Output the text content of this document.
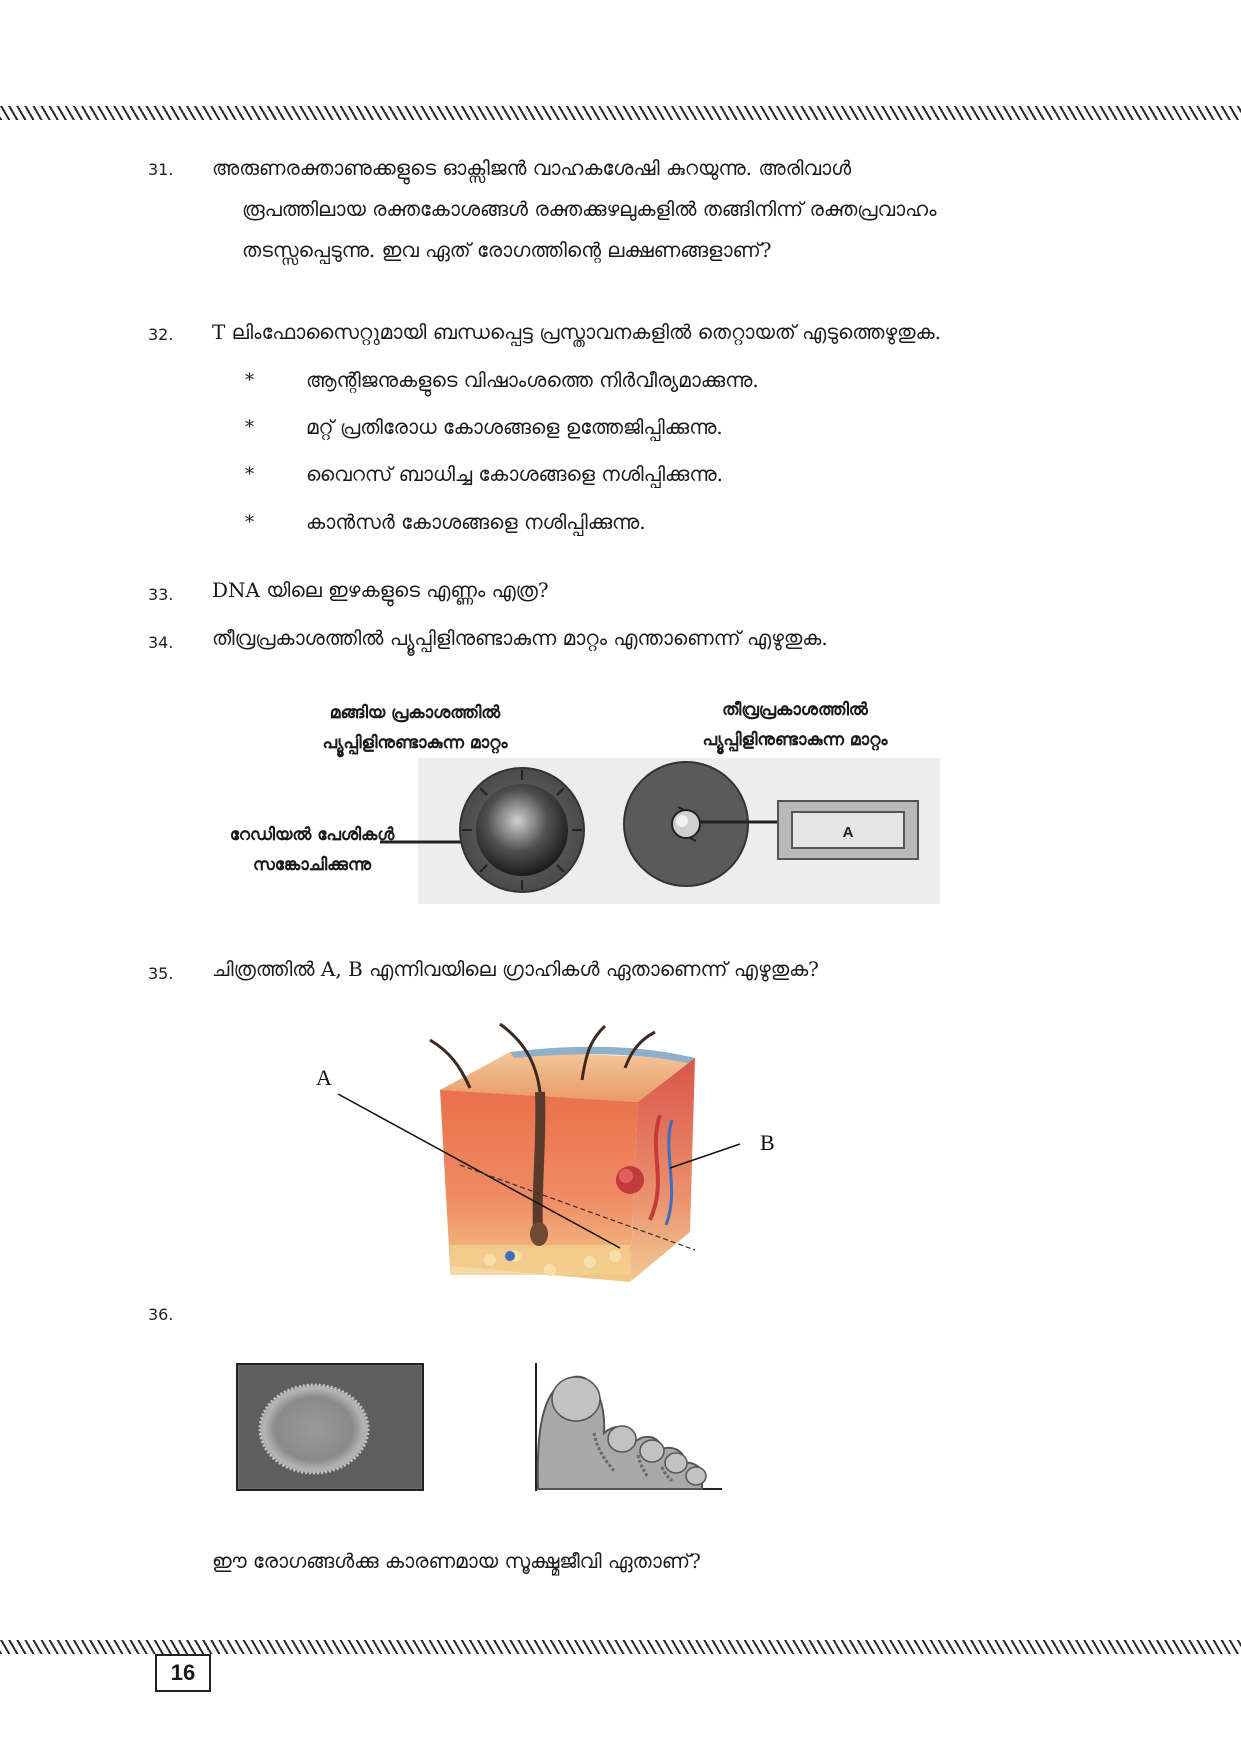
31. അരുണരക്താണുക്കളുടെ ഓക്സിജൻ വാഹകശേഷി കുറയുന്നു. അരിവാൾ
രൂപത്തിലായ രക്തകോശങ്ങൾ രക്തക്കുഴലുകളിൽ തങ്ങിനിന്ന് രക്തപ്രവാഹം
തടസ്സപ്പെടുന്നു. ഇവ ഏത് രോഗത്തിന്റെ ലക്ഷണങ്ങളാണ്?
32. T ലിംഫോസൈറ്റുമായി ബന്ധപ്പെട്ട പ്രസ്താവനകളിൽ തെറ്റായത് എടുത്തെഴുതുക.
*	ആന്റിജനുകളുടെ വിഷാംശത്തെ നിർവീര്യമാക്കുന്നു.
*	മറ്റ് പ്രതിരോധ കോശങ്ങളെ ഉത്തേജിപ്പിക്കുന്നു.
*	വൈറസ് ബാധിച്ച കോശങ്ങളെ നശിപ്പിക്കുന്നു.
*	കാൻസർ കോശങ്ങളെ നശിപ്പിക്കുന്നു.
33. DNA യിലെ ഇഴകളുടെ എണ്ണം എത്ര?
34. തീവ്രപ്രകാശത്തിൽ പ്യൂപ്പിളിനുണ്ടാകുന്ന മാറ്റം എന്താണെന്ന് എഴുതുക.
മങ്ങിയ പ്രകാശത്തിൽ
പ്യൂപ്പിളിനുണ്ടാകുന്ന മാറ്റം
തീവ്രപ്രകാശത്തിൽ
പ്യൂപ്പിളിനുണ്ടാകുന്ന മാറ്റം
റേഡിയൽ പേശികൾ
സങ്കോചിക്കുന്നു
A
35. ചിത്രത്തിൽ A, B എന്നിവയിലെ ഗ്രാഹികൾ ഏതാണെന്ന് എഴുതുക?
A
B
36.
ഈ രോഗങ്ങൾക്കു കാരണമായ സൂക്ഷ്മജീവി ഏതാണ്?
16
